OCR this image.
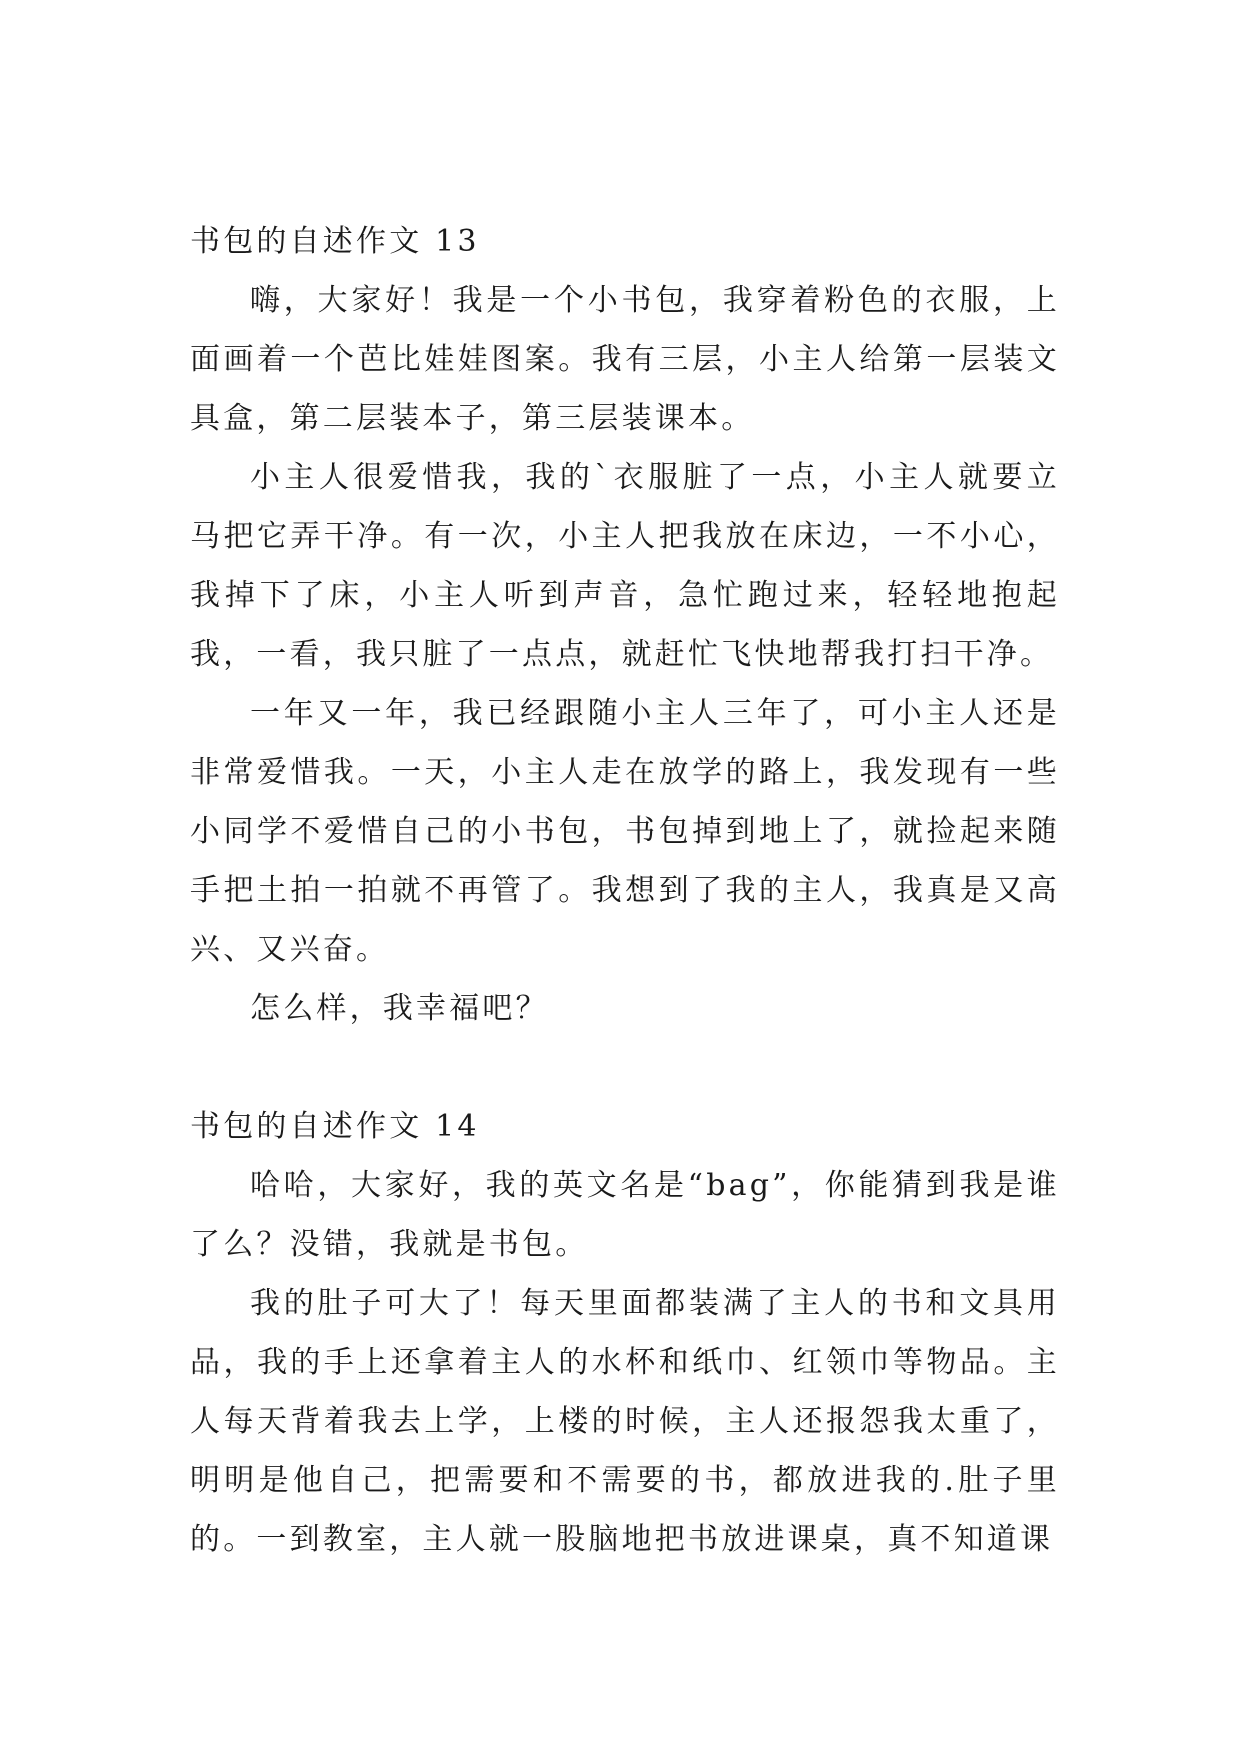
书包的自述作文 13

嗨，大家好！我是一个小书包，我穿着粉色的衣服，上面画着一个芭比娃娃图案。我有三层，小主人给第一层装文具盒，第二层装本子，第三层装课本。

小主人很爱惜我，我的`衣服脏了一点，小主人就要立马把它弄干净。有一次，小主人把我放在床边，一不小心，我掉下了床，小主人听到声音，急忙跑过来，轻轻地抱起我，一看，我只脏了一点点，就赶忙飞快地帮我打扫干净。

一年又一年，我已经跟随小主人三年了，可小主人还是非常爱惜我。一天，小主人走在放学的路上，我发现有一些小同学不爱惜自己的小书包，书包掉到地上了，就捡起来随手把土拍一拍就不再管了。我想到了我的主人，我真是又高兴、又兴奋。

怎么样，我幸福吧？

书包的自述作文 14

哈哈，大家好，我的英文名是“bag”，你能猜到我是谁了么？没错，我就是书包。

我的肚子可大了！每天里面都装满了主人的书和文具用品，我的手上还拿着主人的水杯和纸巾、红领巾等物品。主人每天背着我去上学，上楼的时候，主人还报怨我太重了，明明是他自己，把需要和不需要的书，都放进我的.肚子里的。一到教室，主人就一股脑地把书放进课桌，真不知道课
